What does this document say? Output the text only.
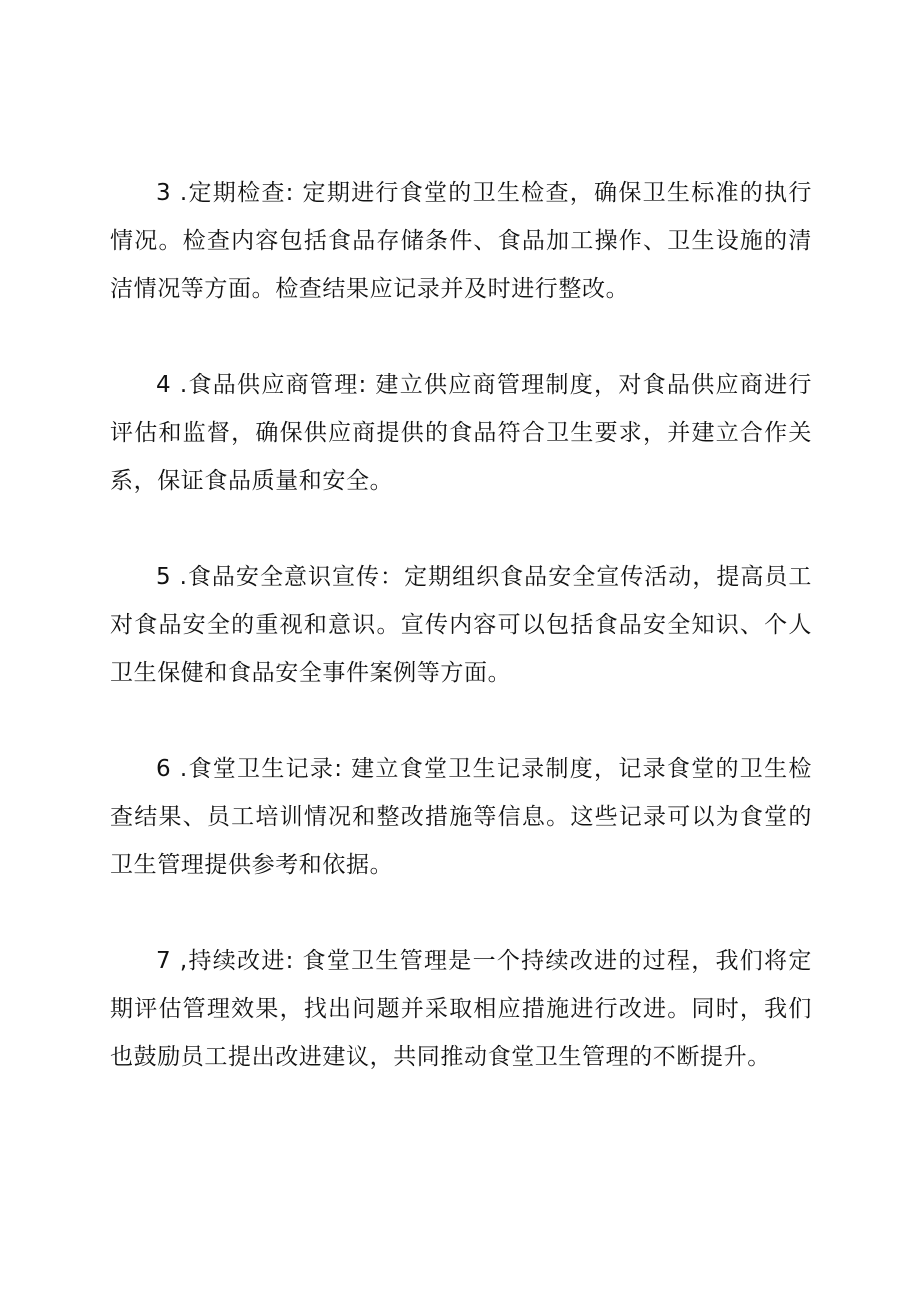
3 .定期检查: 定期进行食堂的卫生检查，确保卫生标准的执行情况。检查内容包括食品存储条件、食品加工操作、卫生设施的清洁情况等方面。检查结果应记录并及时进行整改。

4 .食品供应商管理: 建立供应商管理制度，对食品供应商进行评估和监督，确保供应商提供的食品符合卫生要求，并建立合作关系，保证食品质量和安全。

5 .食品安全意识宣传：定期组织食品安全宣传活动，提高员工对食品安全的重视和意识。宣传内容可以包括食品安全知识、个人卫生保健和食品安全事件案例等方面。

6 .食堂卫生记录: 建立食堂卫生记录制度，记录食堂的卫生检查结果、员工培训情况和整改措施等信息。这些记录可以为食堂的卫生管理提供参考和依据。

7 ,持续改进: 食堂卫生管理是一个持续改进的过程，我们将定期评估管理效果，找出问题并采取相应措施进行改进。同时，我们也鼓励员工提出改进建议，共同推动食堂卫生管理的不断提升。
